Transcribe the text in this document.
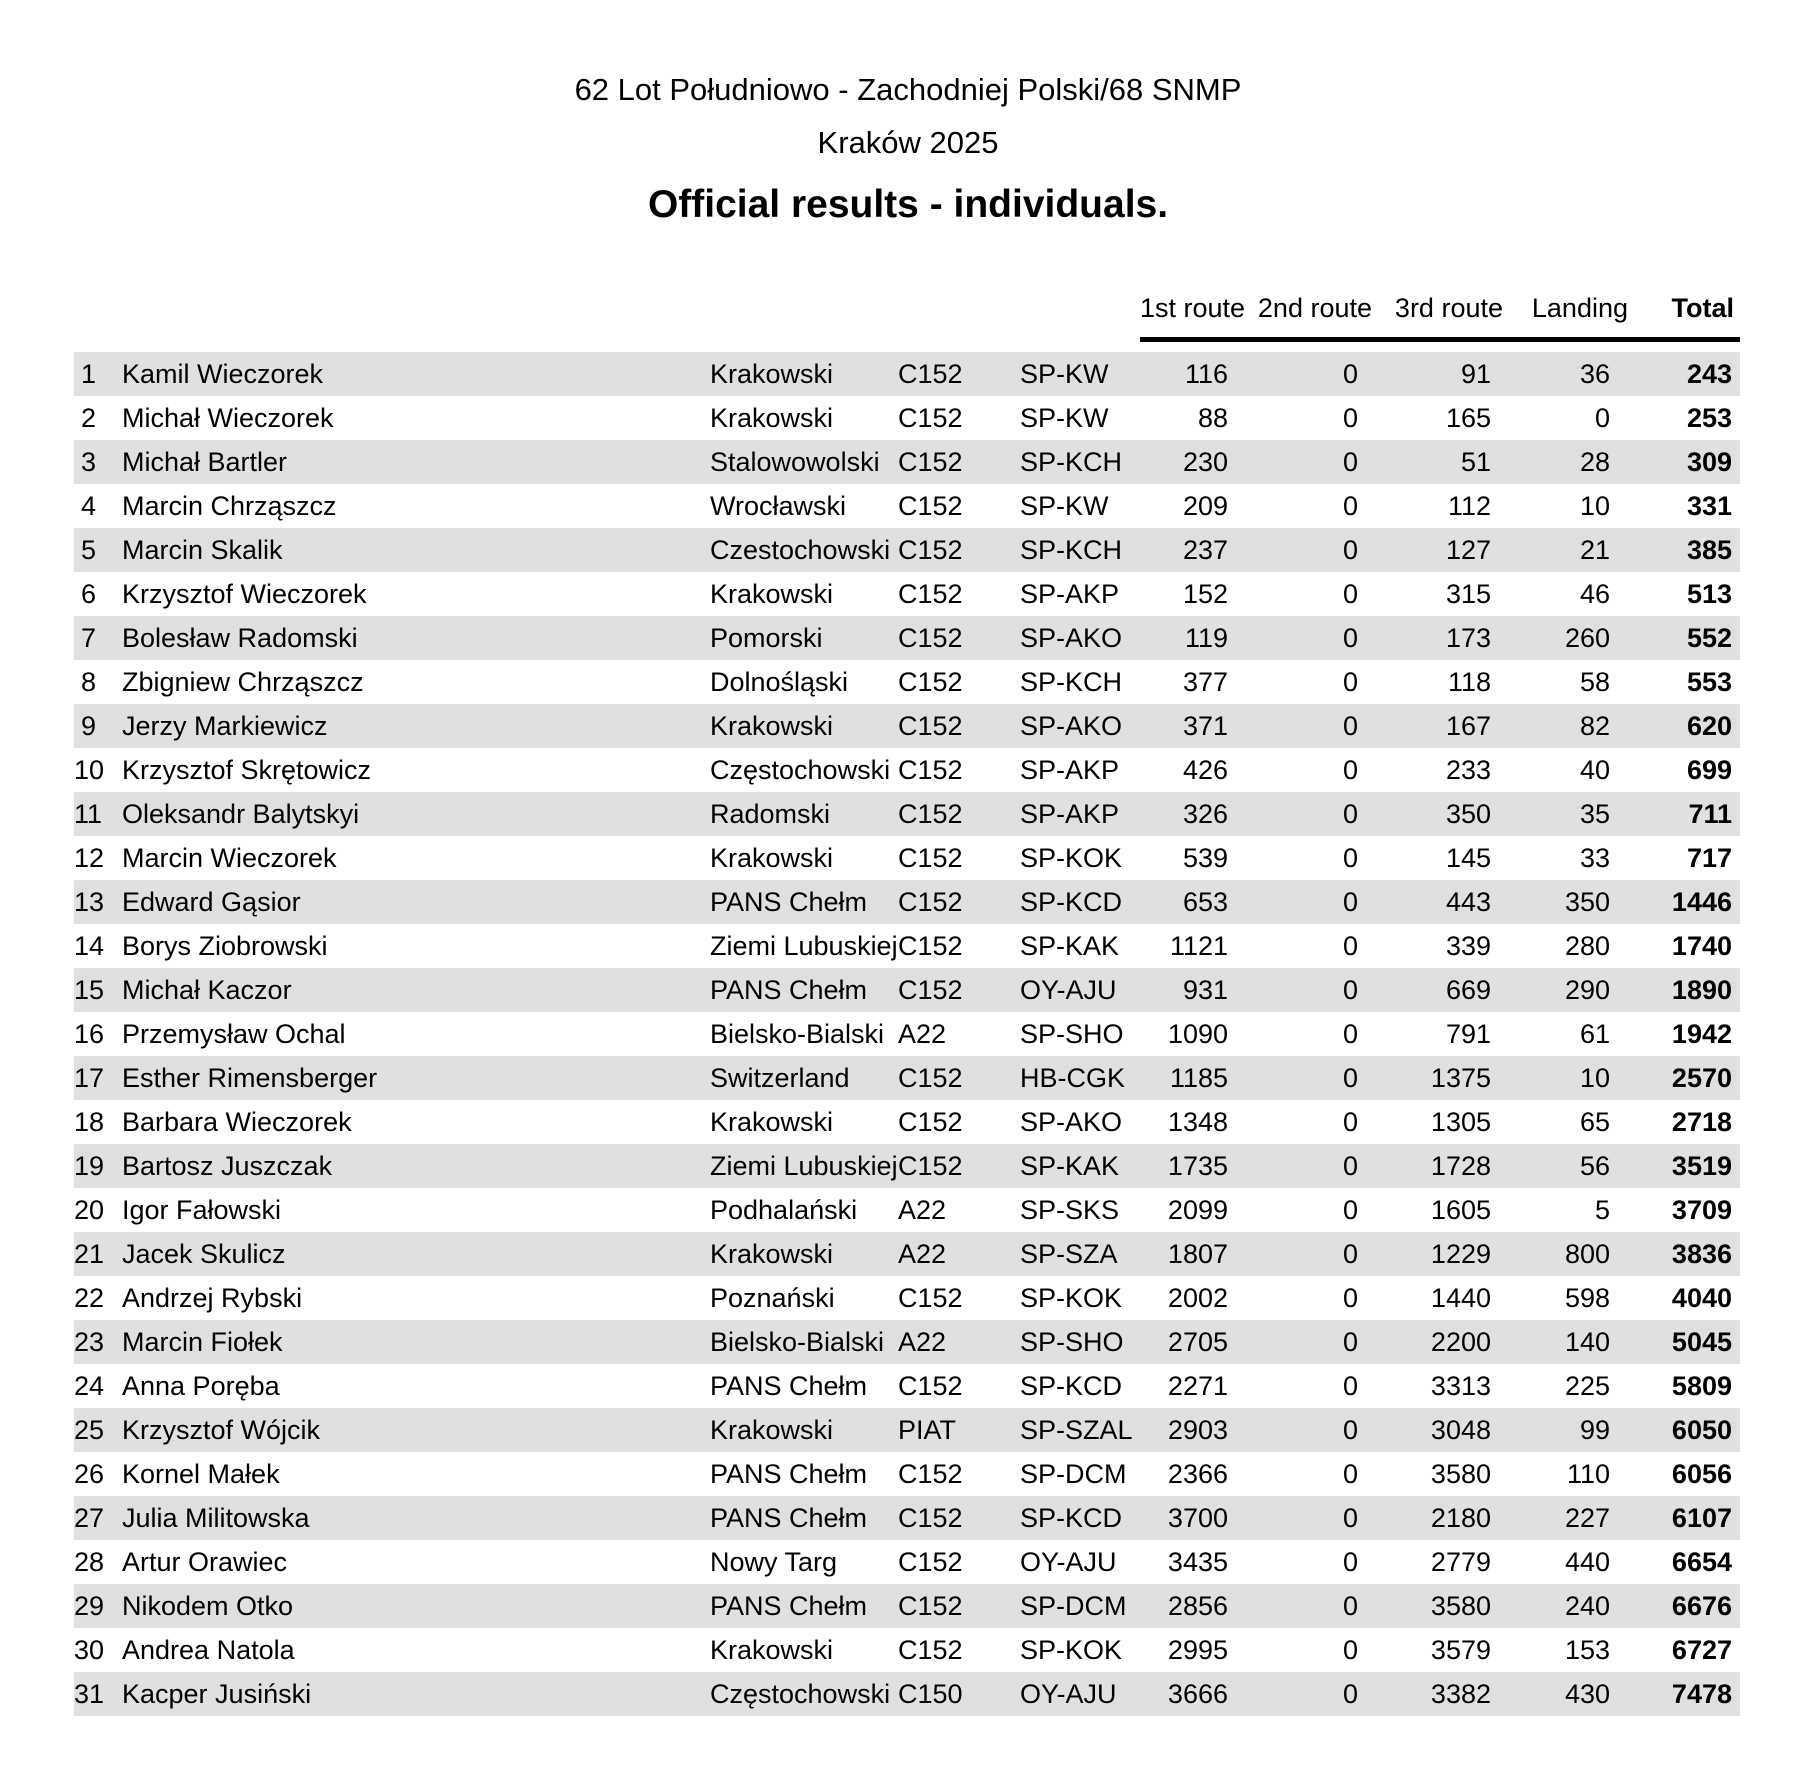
62 Lot Południowo - Zachodniej Polski/68 SNMP
Kraków 2025
Official results - individuals.
					1st route	2nd route	3rd route	Landing	Total

1	Kamil Wieczorek	Krakowski	C152	SP-KW	116	0	91	36	243
2	Michał Wieczorek	Krakowski	C152	SP-KW	88	0	165	0	253
3	Michał Bartler	Stalowowolski	C152	SP-KCH	230	0	51	28	309
4	Marcin Chrząszcz	Wrocławski	C152	SP-KW	209	0	112	10	331
5	Marcin Skalik	Czestochowski	C152	SP-KCH	237	0	127	21	385
6	Krzysztof Wieczorek	Krakowski	C152	SP-AKP	152	0	315	46	513
7	Bolesław Radomski	Pomorski	C152	SP-AKO	119	0	173	260	552
8	Zbigniew Chrząszcz	Dolnośląski	C152	SP-KCH	377	0	118	58	553
9	Jerzy Markiewicz	Krakowski	C152	SP-AKO	371	0	167	82	620
10	Krzysztof Skrętowicz	Częstochowski	C152	SP-AKP	426	0	233	40	699
11	Oleksandr Balytskyi	Radomski	C152	SP-AKP	326	0	350	35	711
12	Marcin Wieczorek	Krakowski	C152	SP-KOK	539	0	145	33	717
13	Edward Gąsior	PANS Chełm	C152	SP-KCD	653	0	443	350	1446
14	Borys Ziobrowski	Ziemi Lubuskiej	C152	SP-KAK	1121	0	339	280	1740
15	Michał Kaczor	PANS Chełm	C152	OY-AJU	931	0	669	290	1890
16	Przemysław Ochal	Bielsko-Bialski	A22	SP-SHO	1090	0	791	61	1942
17	Esther Rimensberger	Switzerland	C152	HB-CGK	1185	0	1375	10	2570
18	Barbara Wieczorek	Krakowski	C152	SP-AKO	1348	0	1305	65	2718
19	Bartosz Juszczak	Ziemi Lubuskiej	C152	SP-KAK	1735	0	1728	56	3519
20	Igor Fałowski	Podhalański	A22	SP-SKS	2099	0	1605	5	3709
21	Jacek Skulicz	Krakowski	A22	SP-SZA	1807	0	1229	800	3836
22	Andrzej Rybski	Poznański	C152	SP-KOK	2002	0	1440	598	4040
23	Marcin Fiołek	Bielsko-Bialski	A22	SP-SHO	2705	0	2200	140	5045
24	Anna Poręba	PANS Chełm	C152	SP-KCD	2271	0	3313	225	5809
25	Krzysztof Wójcik	Krakowski	PIAT	SP-SZAL	2903	0	3048	99	6050
26	Kornel Małek	PANS Chełm	C152	SP-DCM	2366	0	3580	110	6056
27	Julia Militowska	PANS Chełm	C152	SP-KCD	3700	0	2180	227	6107
28	Artur Orawiec	Nowy Targ	C152	OY-AJU	3435	0	2779	440	6654
29	Nikodem Otko	PANS Chełm	C152	SP-DCM	2856	0	3580	240	6676
30	Andrea Natola	Krakowski	C152	SP-KOK	2995	0	3579	153	6727
31	Kacper Jusiński	Częstochowski	C150	OY-AJU	3666	0	3382	430	7478
